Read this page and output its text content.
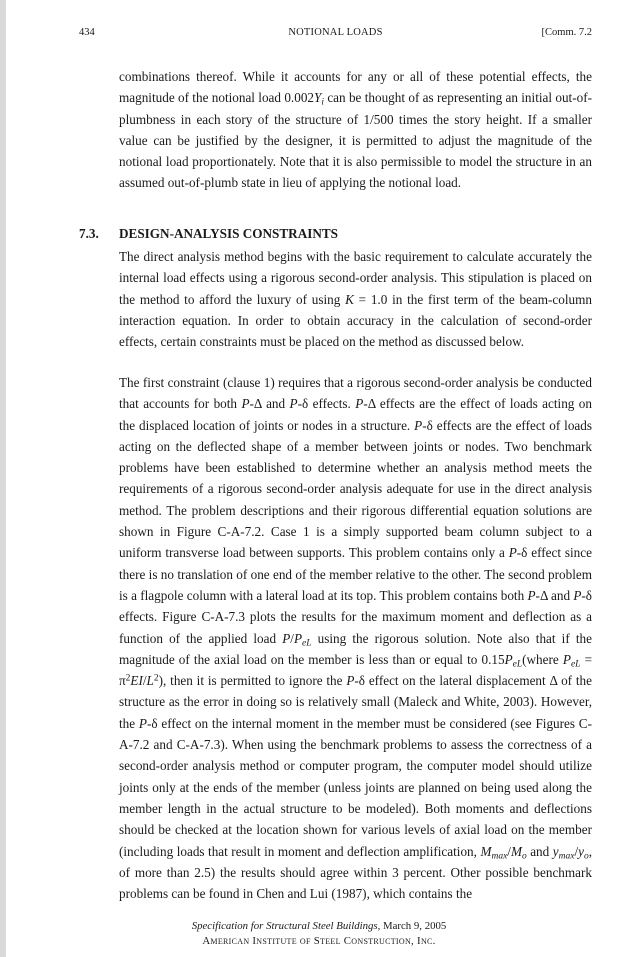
434	NOTIONAL LOADS	[Comm. 7.2

combinations thereof. While it accounts for any or all of these potential effects, the magnitude of the notional load $0.002Y_i$ can be thought of as representing an initial out-of-plumbness in each story of the structure of 1/500 times the story height. If a smaller value can be justified by the designer, it is permitted to adjust the magnitude of the notional load proportionately. Note that it is also permissible to model the structure in an assumed out-of-plumb state in lieu of applying the notional load.

7.3. DESIGN-ANALYSIS CONSTRAINTS

The direct analysis method begins with the basic requirement to calculate accurately the internal load effects using a rigorous second-order analysis. This stipulation is placed on the method to afford the luxury of using K = 1.0 in the first term of the beam-column interaction equation. In order to obtain accuracy in the calculation of second-order effects, certain constraints must be placed on the method as discussed below.

The first constraint (clause 1) requires that a rigorous second-order analysis be conducted that accounts for both P-Δ and P-δ effects. P-Δ effects are the effect of loads acting on the displaced location of joints or nodes in a structure. P-δ effects are the effect of loads acting on the deflected shape of a member between joints or nodes. Two benchmark problems have been established to determine whether an analysis method meets the requirements of a rigorous second-order analysis adequate for use in the direct analysis method. The problem descriptions and their rigorous differential equation solutions are shown in Figure C-A-7.2. Case 1 is a simply supported beam column subject to a uniform transverse load between supports. This problem contains only a P-δ effect since there is no translation of one end of the member relative to the other. The second problem is a flagpole column with a lateral load at its top. This problem contains both P-Δ and P-δ effects. Figure C-A-7.3 plots the results for the maximum moment and deflection as a function of the applied load $P/P_{eL}$ using the rigorous solution. Note also that if the magnitude of the axial load on the member is less than or equal to $0.15P_{eL}(where$ $P_{eL} = \pi^2EI/L^2$), then it is permitted to ignore the P-δ effect on the lateral displacement Δ of the structure as the error in doing so is relatively small (Maleck and White, 2003). However, the P-δ effect on the internal moment in the member must be considered (see Figures C-A-7.2 and C-A-7.3). When using the benchmark problems to assess the correctness of a second-order analysis method or computer program, the computer model should utilize joints only at the ends of the member (unless joints are planned on being used along the member length in the actual structure to be modeled). Both moments and deflections should be checked at the location shown for various levels of axial load on the member (including loads that result in moment and deflection amplification, $M_{max}/M_o$ and $y_{max}/y_o$, of more than 2.5) the results should agree within 3 percent. Other possible benchmark problems can be found in Chen and Lui (1987), which contains the

Specification for Structural Steel Buildings, March 9, 2005
American Institute of Steel Construction, Inc.
